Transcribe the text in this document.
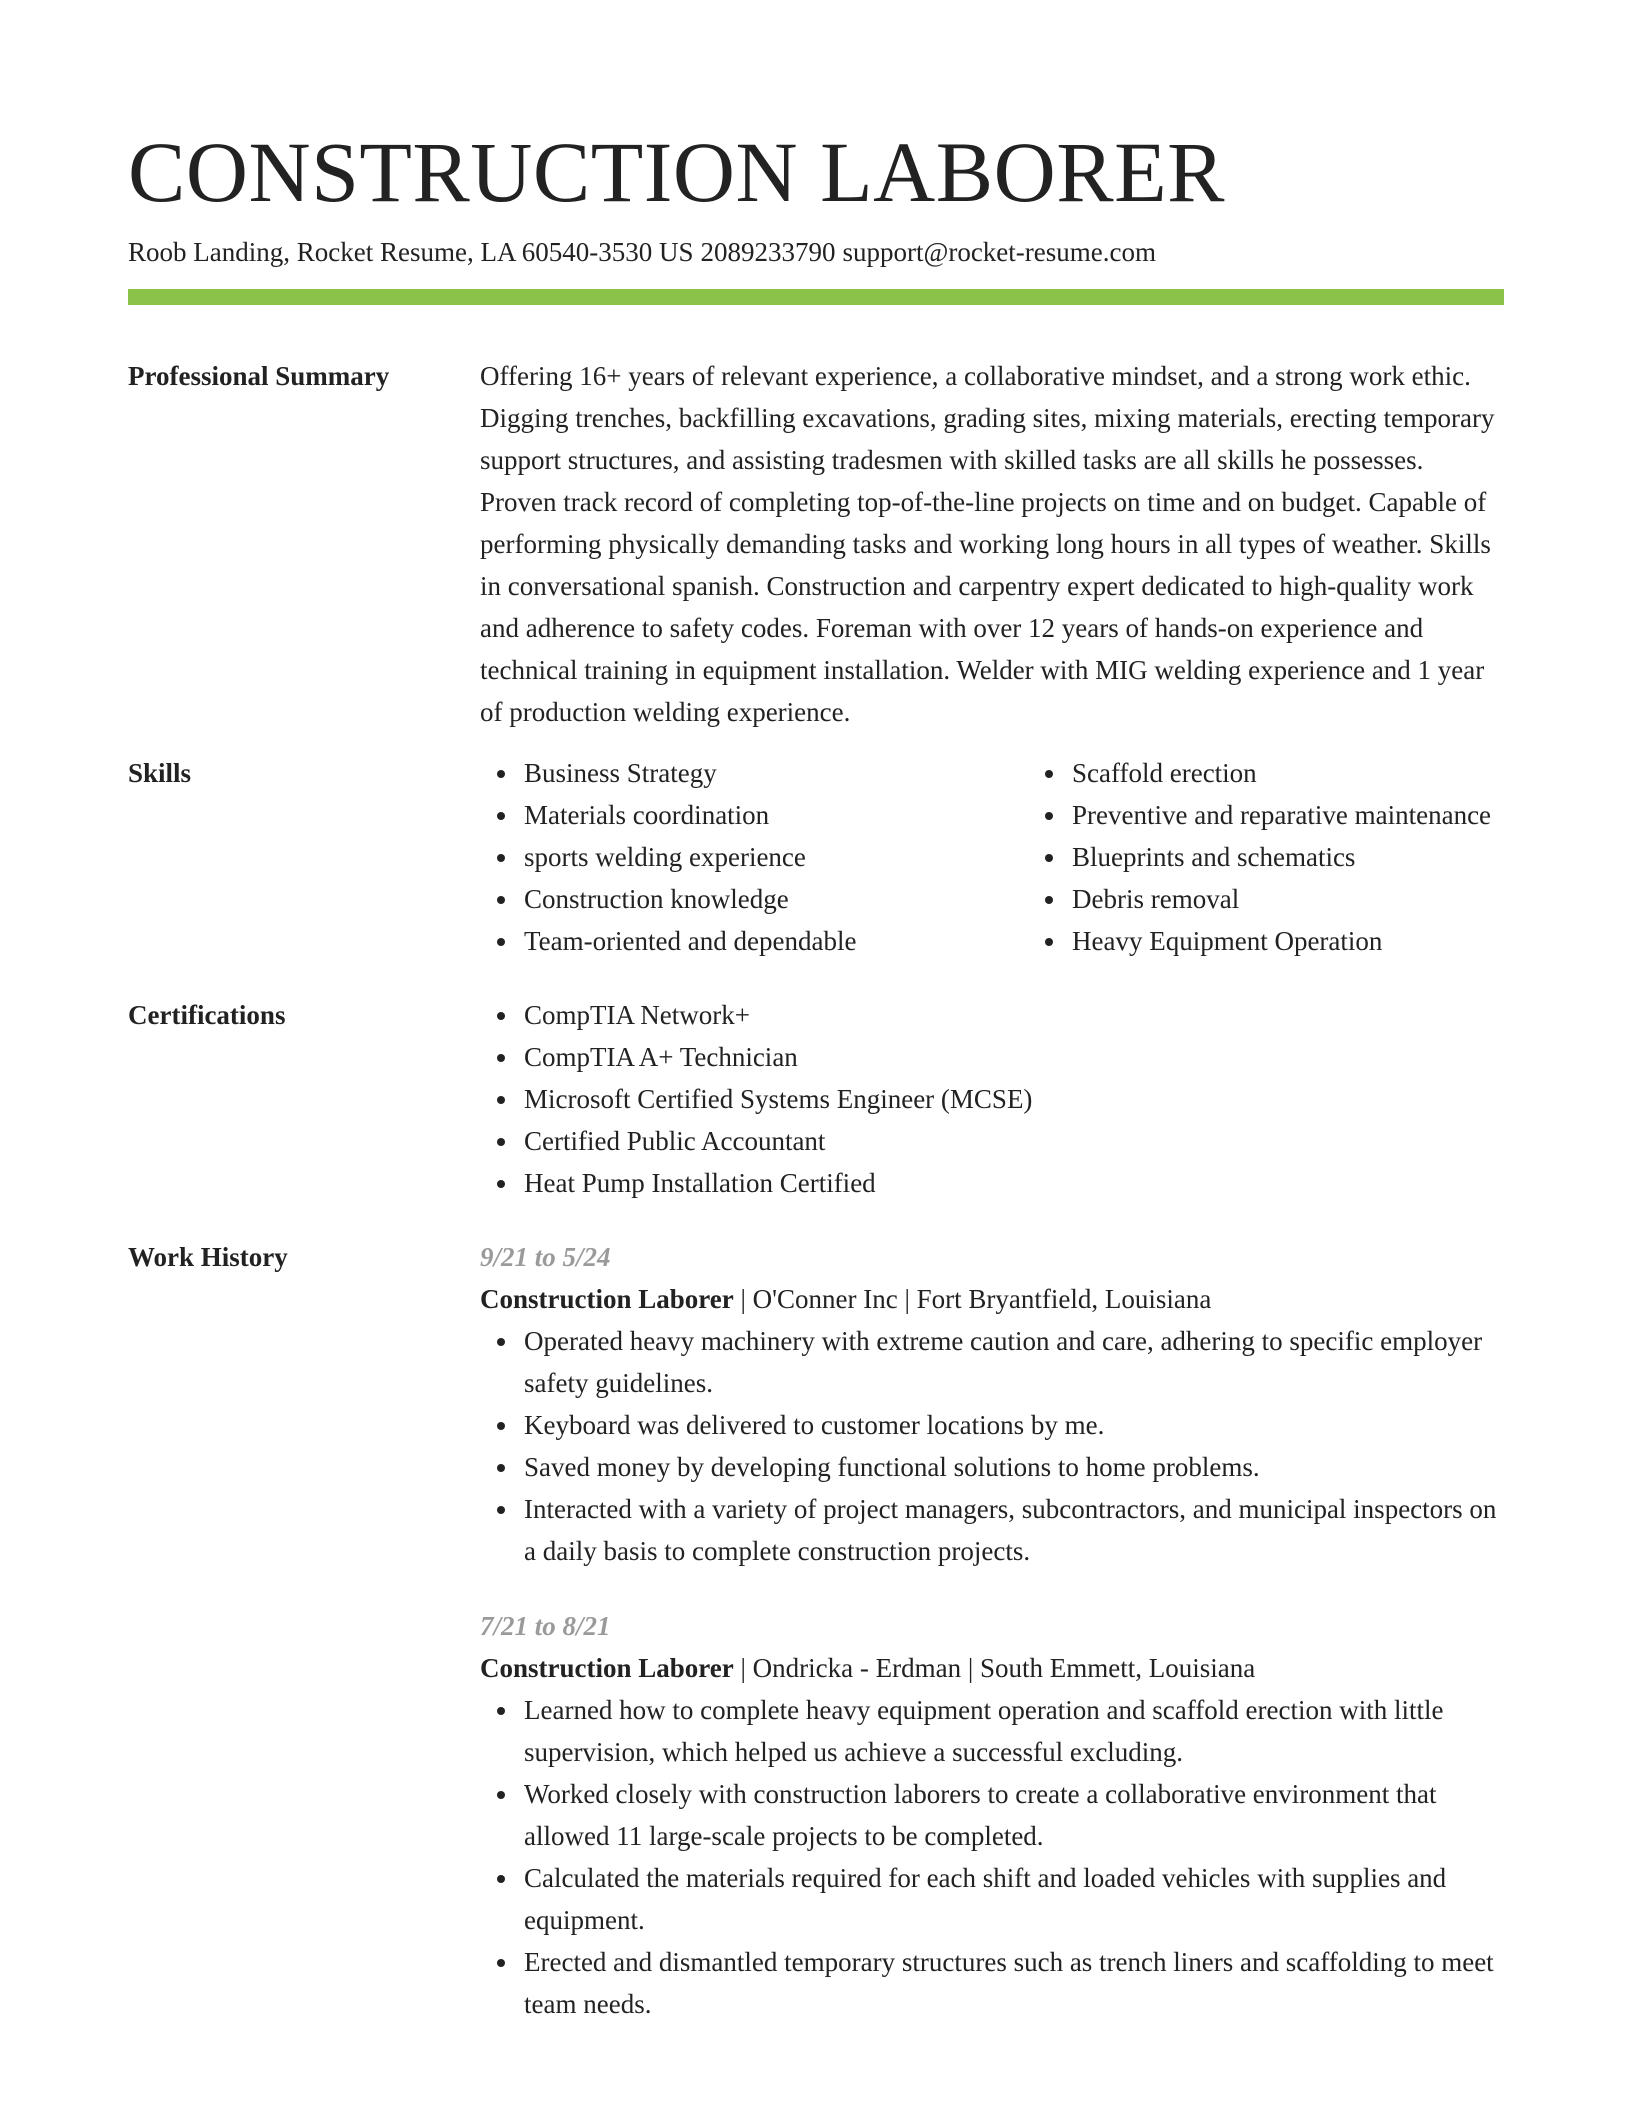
CONSTRUCTION LABORER
Roob Landing, Rocket Resume, LA 60540-3530 US 2089233790 support@rocket-resume.com
Professional Summary	Offering 16+ years of relevant experience, a collaborative mindset, and a strong work ethic. Digging trenches, backfilling excavations, grading sites, mixing materials, erecting temporary support structures, and assisting tradesmen with skilled tasks are all skills he possesses. Proven track record of completing top-of-the-line projects on time and on budget. Capable of performing physically demanding tasks and working long hours in all types of weather. Skills in conversational spanish. Construction and carpentry expert dedicated to high-quality work and adherence to safety codes. Foreman with over 12 years of hands-on experience and technical training in equipment installation. Welder with MIG welding experience and 1 year of production welding experience.

Skills	Business Strategy
Materials coordination
sports welding experience
Construction knowledge
Team-oriented and dependable
Scaffold erection
Preventive and reparative maintenance
Blueprints and schematics
Debris removal
Heavy Equipment Operation
Certifications	CompTIA Network+
CompTIA A+ Technician
Microsoft Certified Systems Engineer (MCSE)
Certified Public Accountant
Heat Pump Installation Certified
Work History	9/21 to 5/24
Construction Laborer | O'Conner Inc | Fort Bryantfield, Louisiana
Operated heavy machinery with extreme caution and care, adhering to specific employer safety guidelines.
Keyboard was delivered to customer locations by me.
Saved money by developing functional solutions to home problems.
Interacted with a variety of project managers, subcontractors, and municipal inspectors on a daily basis to complete construction projects.
7/21 to 8/21
Construction Laborer | Ondricka - Erdman | South Emmett, Louisiana
Learned how to complete heavy equipment operation and scaffold erection with little supervision, which helped us achieve a successful excluding.
Worked closely with construction laborers to create a collaborative environment that allowed 11 large-scale projects to be completed.
Calculated the materials required for each shift and loaded vehicles with supplies and equipment.
Erected and dismantled temporary structures such as trench liners and scaffolding to meet team needs.
